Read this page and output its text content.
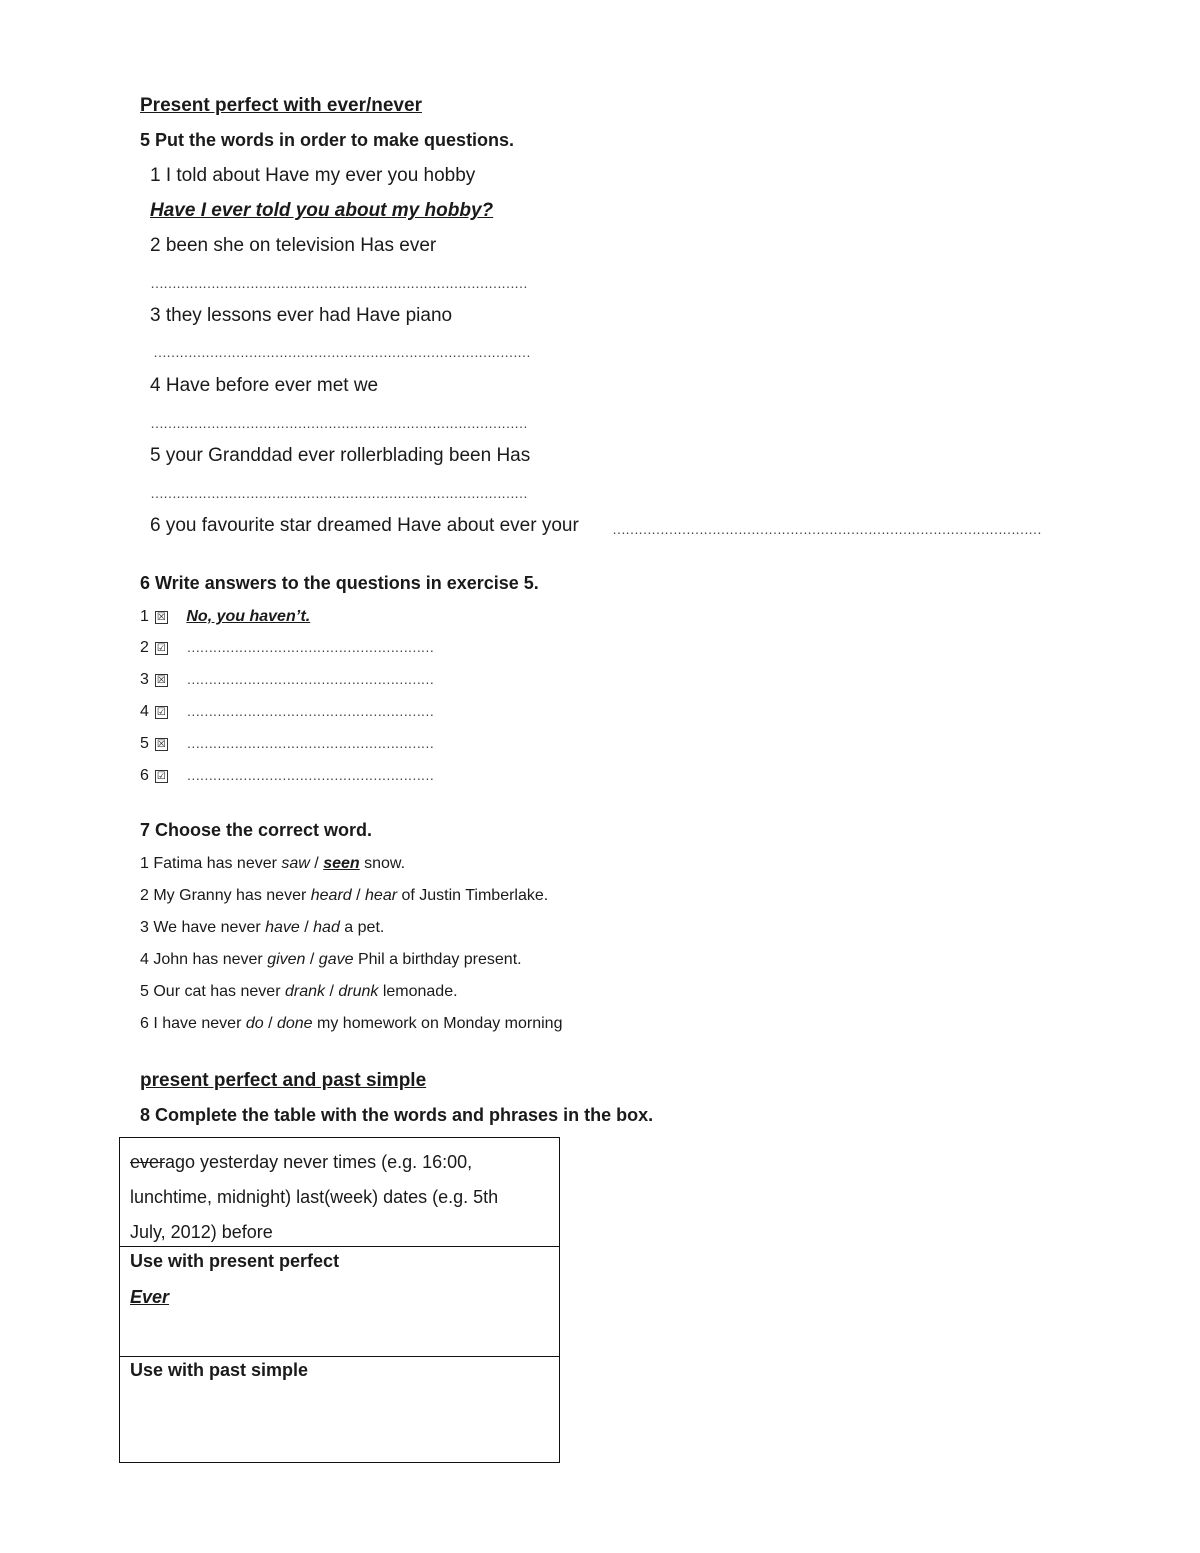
Present perfect with ever/never
5 Put the words in order to make questions.
1 I told about Have my ever you hobby
Have I ever told you about my hobby?
2 been she on television Has ever
……………………………………………………………………………
3 they lessons ever had Have piano
……………………………………………………………………………
4 Have before ever met we
……………………………………………………………………………
5 your Granddad ever rollerblading been Has
……………………………………………………………………………
6 you favourite star dreamed Have about ever your ………………………………………………………………………………………
6 Write answers to the questions in exercise 5.
1 ☒ No, you haven’t.
2 ☑ …………………………………………………
3 ☒ …………………………………………………
4 ☑ …………………………………………………
5 ☒ …………………………………………………
6 ☑ …………………………………………………
7 Choose the correct word.
1 Fatima has never saw / seen snow.
2 My Granny has never heard / hear of Justin Timberlake.
3 We have never have / had a pet.
4 John has never given / gave Phil a birthday present.
5 Our cat has never drank / drunk lemonade.
6 I have never do / done my homework on Monday morning
present perfect and past simple
8 Complete the table with the words and phrases in the box.
everago yesterday never times (e.g. 16:00,
lunchtime, midnight) last(week) dates (e.g. 5th
July, 2012) before
Use with present perfect
Ever
Use with past simple
